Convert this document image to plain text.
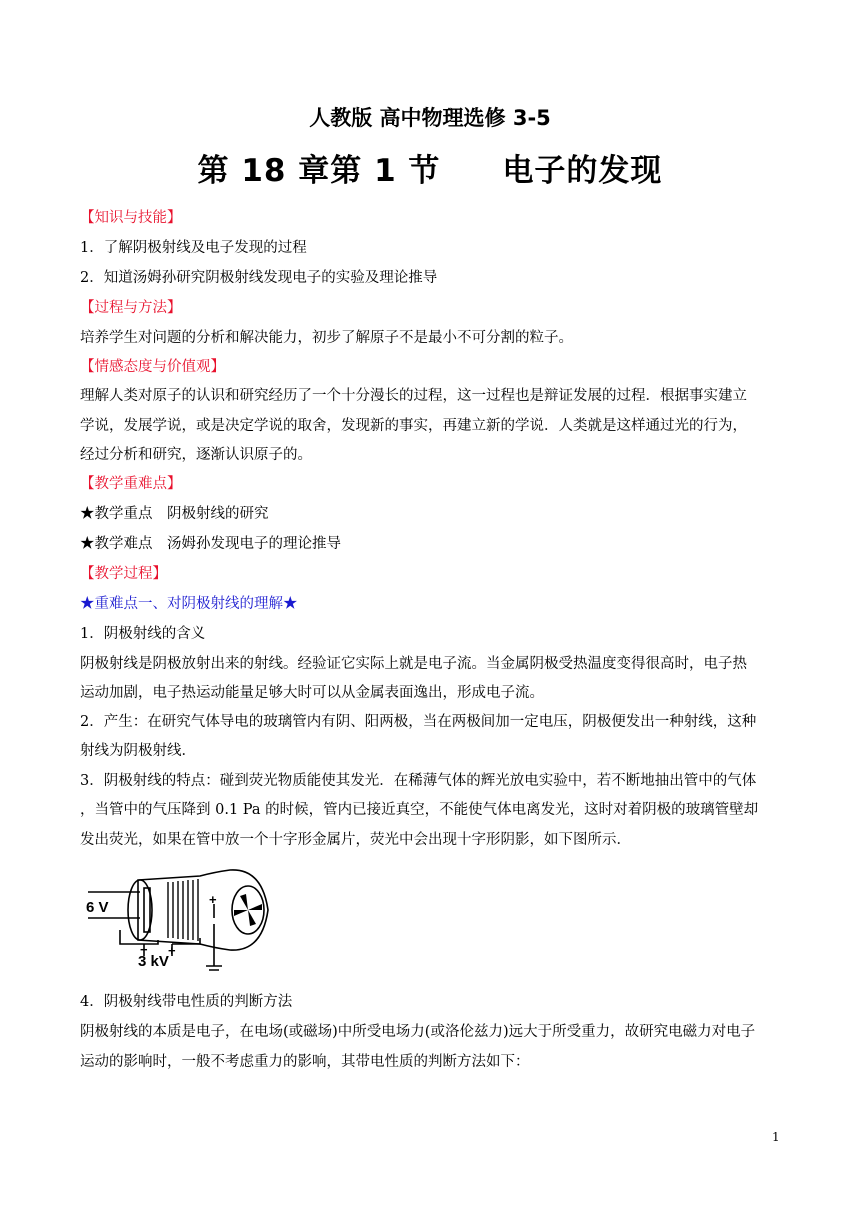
人教版 高中物理选修 3-5
第 18 章第 1 节 电子的发现
【知识与技能】
1．了解阴极射线及电子发现的过程
2．知道汤姆孙研究阴极射线发现电子的实验及理论推导
【过程与方法】
培养学生对问题的分析和解决能力，初步了解原子不是最小不可分割的粒子。
【情感态度与价值观】
理解人类对原子的认识和研究经历了一个十分漫长的过程，这一过程也是辩证发展的过程．根据事实建立
学说，发展学说，或是决定学说的取舍，发现新的事实，再建立新的学说．人类就是这样通过光的行为，
经过分析和研究，逐渐认识原子的。
【教学重难点】
★教学重点　阴极射线的研究
★教学难点　汤姆孙发现电子的理论推导
【教学过程】
★重难点一、对阴极射线的理解★
1．阴极射线的含义
阴极射线是阴极放射出来的射线。经验证它实际上就是电子流。当金属阴极受热温度变得很高时，电子热
运动加剧，电子热运动能量足够大时可以从金属表面逸出，形成电子流。
2．产生：在研究气体导电的玻璃管内有阴、阳两极，当在两极间加一定电压，阴极便发出一种射线，这种
射线为阴极射线．
3．阴极射线的特点：碰到荧光物质能使其发光．在稀薄气体的辉光放电实验中，若不断地抽出管中的气体
，当管中的气压降到 0.1 Pa 的时候，管内已接近真空，不能使气体电离发光，这时对着阴极的玻璃管壁却
发出荧光，如果在管中放一个十字形金属片，荧光中会出现十字形阴影，如下图所示．
6 V
3 kV
− +
+
4．阴极射线带电性质的判断方法
阴极射线的本质是电子，在电场(或磁场)中所受电场力(或洛伦兹力)远大于所受重力，故研究电磁力对电子
运动的影响时，一般不考虑重力的影响，其带电性质的判断方法如下：
1
